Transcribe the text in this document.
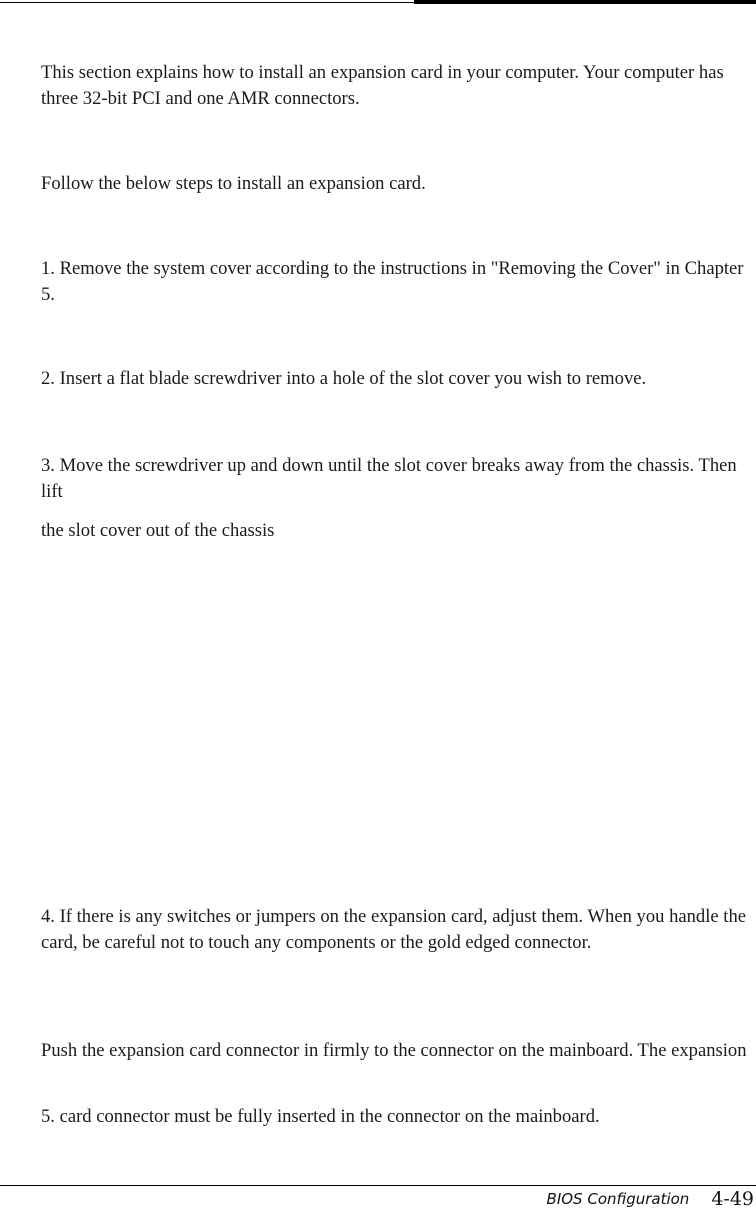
This section explains how to install an expansion card in your computer. Your computer has three 32-bit PCI and one AMR connectors.

Follow the below steps to install an expansion card.

1. Remove the system cover according to the instructions in "Removing the Cover" in Chapter 5.

2. Insert a flat blade screwdriver into a hole of the slot cover you wish to remove.

3. Move the screwdriver up and down until the slot cover breaks away from the chassis. Then lift

the slot cover out of the chassis

4. If there is any switches or jumpers on the expansion card, adjust them. When you handle the card, be careful not to touch any components or the gold edged connector.

Push the expansion card connector in firmly to the connector on the mainboard. The expansion

5. card connector must be fully inserted in the connector on the mainboard.

BIOS Configuration 4-49
